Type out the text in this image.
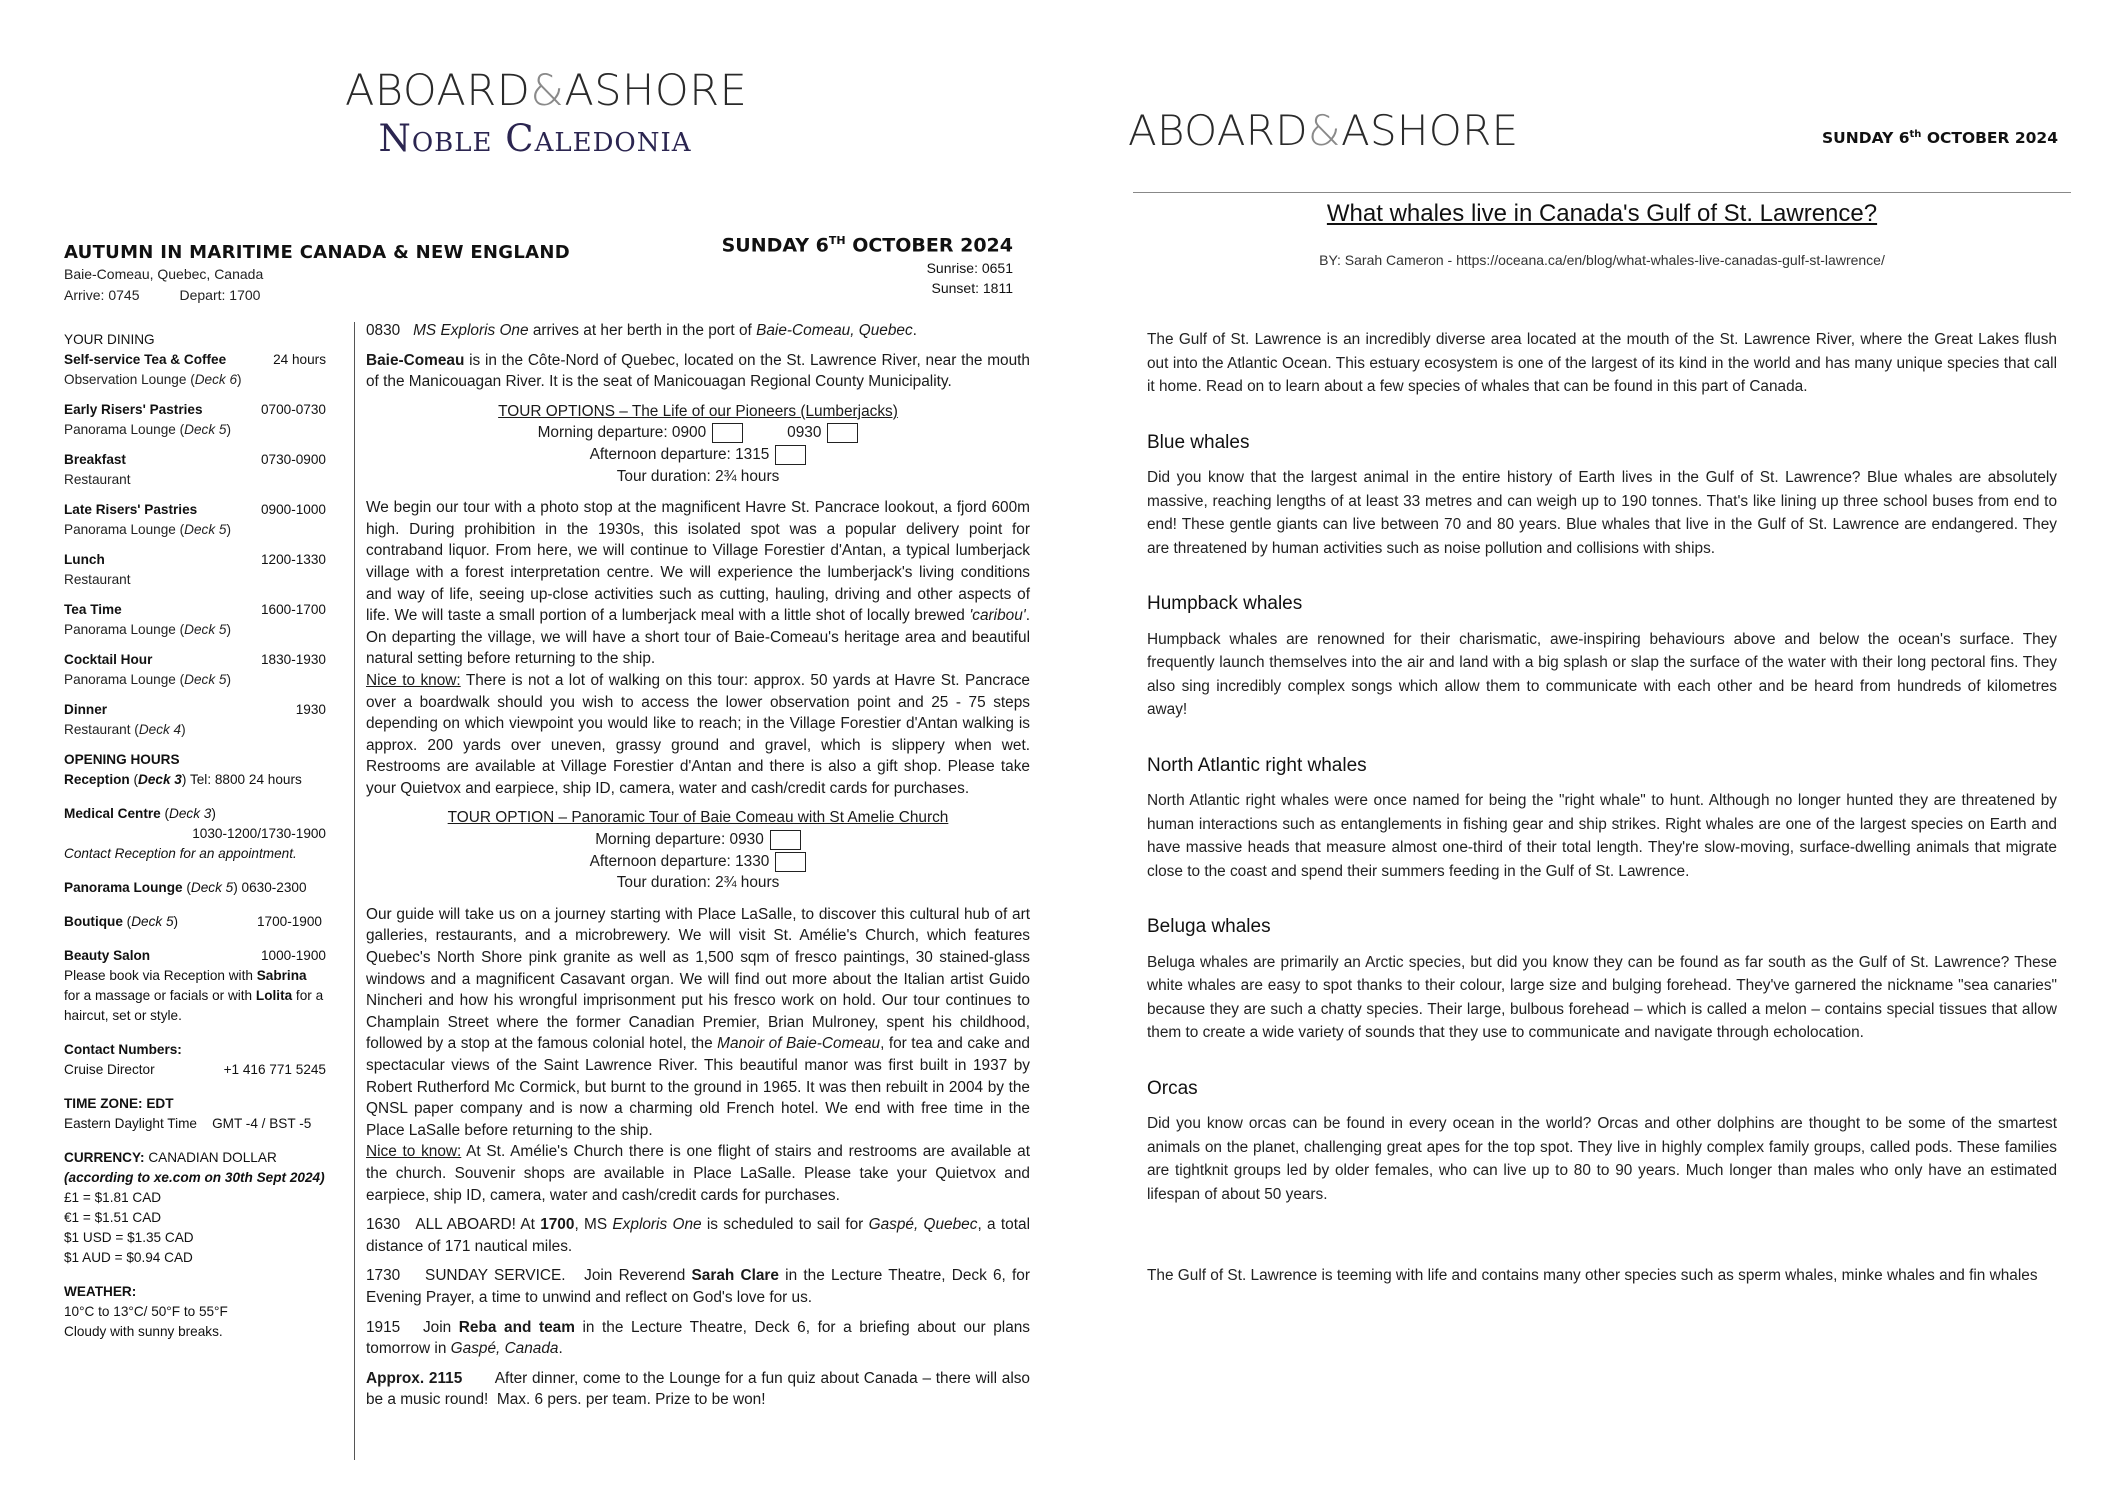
ABOARD&ASHORE
Noble Caledonia
AUTUMN IN MARITIME CANADA & NEW ENGLAND
Baie-Comeau, Quebec, Canada
Arrive: 0745	Depart: 1700
SUNDAY 6TH OCTOBER 2024
Sunrise: 0651
Sunset: 1811
YOUR DINING
Self-service Tea & Coffee	24 hours
Observation Lounge (Deck 6)
Early Risers' Pastries	0700-0730
Panorama Lounge (Deck 5)
Breakfast	0730-0900
Restaurant
Late Risers' Pastries	0900-1000
Panorama Lounge (Deck 5)
Lunch	1200-1330
Restaurant
Tea Time	1600-1700
Panorama Lounge (Deck 5)
Cocktail Hour	1830-1930
Panorama Lounge (Deck 5)
Dinner	1930
Restaurant (Deck 4)
OPENING HOURS
Reception (Deck 3) Tel: 8800 24 hours
Medical Centre (Deck 3)
1030-1200/1730-1900
Contact Reception for an appointment.
Panorama Lounge (Deck 5) 0630-2300
Boutique (Deck 5)	1700-1900
Beauty Salon	1000-1900
Please book via Reception with Sabrina for a massage or facials or with Lolita for a haircut, set or style.
Contact Numbers:
Cruise Director	+1 416 771 5245
TIME ZONE: EDT
Eastern Daylight Time    GMT -4 / BST -5
CURRENCY: CANADIAN DOLLAR
(according to xe.com on 30th Sept 2024)
£1 = $1.81 CAD
€1 = $1.51 CAD
$1 USD = $1.35 CAD
$1 AUD = $0.94 CAD
WEATHER:
10°C to 13°C/ 50°F to 55°F
Cloudy with sunny breaks.

0830 MS Exploris One arrives at her berth in the port of Baie-Comeau, Quebec.

Baie-Comeau is in the Côte-Nord of Quebec, located on the St. Lawrence River, near the mouth of the Manicouagan River. It is the seat of Manicouagan Regional County Municipality.

TOUR OPTIONS – The Life of our Pioneers (Lumberjacks)
Morning departure: 0900	0930
Afternoon departure: 1315
Tour duration: 2¾ hours

We begin our tour with a photo stop at the magnificent Havre St. Pancrace lookout, a fjord 600m high. During prohibition in the 1930s, this isolated spot was a popular delivery point for contraband liquor. From here, we will continue to Village Forestier d'Antan, a typical lumberjack village with a forest interpretation centre. We will experience the lumberjack's living conditions and way of life, seeing up-close activities such as cutting, hauling, driving and other aspects of life. We will taste a small portion of a lumberjack meal with a little shot of locally brewed 'caribou'. On departing the village, we will have a short tour of Baie-Comeau's heritage area and beautiful natural setting before returning to the ship.

Nice to know: There is not a lot of walking on this tour: approx. 50 yards at Havre St. Pancrace over a boardwalk should you wish to access the lower observation point and 25 - 75 steps depending on which viewpoint you would like to reach; in the Village Forestier d'Antan walking is approx. 200 yards over uneven, grassy ground and gravel, which is slippery when wet. Restrooms are available at Village Forestier d'Antan and there is also a gift shop. Please take your Quietvox and earpiece, ship ID, camera, water and cash/credit cards for purchases.

TOUR OPTION – Panoramic Tour of Baie Comeau with St Amelie Church
Morning departure: 0930
Afternoon departure: 1330
Tour duration: 2¾ hours

Our guide will take us on a journey starting with Place LaSalle, to discover this cultural hub of art galleries, restaurants, and a microbrewery. We will visit St. Amélie's Church, which features Quebec's North Shore pink granite as well as 1,500 sqm of fresco paintings, 30 stained-glass windows and a magnificent Casavant organ. We will find out more about the Italian artist Guido Nincheri and how his wrongful imprisonment put his fresco work on hold. Our tour continues to Champlain Street where the former Canadian Premier, Brian Mulroney, spent his childhood, followed by a stop at the famous colonial hotel, the Manoir of Baie-Comeau, for tea and cake and spectacular views of the Saint Lawrence River. This beautiful manor was first built in 1937 by Robert Rutherford Mc Cormick, but burnt to the ground in 1965. It was then rebuilt in 2004 by the QNSL paper company and is now a charming old French hotel. We end with free time in the Place LaSalle before returning to the ship.

Nice to know: At St. Amélie's Church there is one flight of stairs and restrooms are available at the church. Souvenir shops are available in Place LaSalle. Please take your Quietvox and earpiece, ship ID, camera, water and cash/credit cards for purchases.

1630   ALL ABOARD! At 1700, MS Exploris One is scheduled to sail for Gaspé, Quebec, a total distance of 171 nautical miles.

1730    SUNDAY SERVICE.   Join Reverend Sarah Clare in the Lecture Theatre, Deck 6, for Evening Prayer, a time to unwind and reflect on God's love for us.

1915   Join Reba and team in the Lecture Theatre, Deck 6, for a briefing about our plans tomorrow in Gaspé, Canada.

Approx. 2115       After dinner, come to the Lounge for a fun quiz about Canada – there will also be a music round!  Max. 6 pers. per team. Prize to be won!

ABOARD&ASHORE	SUNDAY 6th OCTOBER 2024
What whales live in Canada's Gulf of St. Lawrence?
BY: Sarah Cameron - https://oceana.ca/en/blog/what-whales-live-canadas-gulf-st-lawrence/

The Gulf of St. Lawrence is an incredibly diverse area located at the mouth of the St. Lawrence River, where the Great Lakes flush out into the Atlantic Ocean. This estuary ecosystem is one of the largest of its kind in the world and has many unique species that call it home. Read on to learn about a few species of whales that can be found in this part of Canada.

Blue whales

Did you know that the largest animal in the entire history of Earth lives in the Gulf of St. Lawrence? Blue whales are absolutely massive, reaching lengths of at least 33 metres and can weigh up to 190 tonnes. That's like lining up three school buses from end to end! These gentle giants can live between 70 and 80 years. Blue whales that live in the Gulf of St. Lawrence are endangered. They are threatened by human activities such as noise pollution and collisions with ships.

Humpback whales

Humpback whales are renowned for their charismatic, awe-inspiring behaviours above and below the ocean's surface. They frequently launch themselves into the air and land with a big splash or slap the surface of the water with their long pectoral fins. They also sing incredibly complex songs which allow them to communicate with each other and be heard from hundreds of kilometres away!

North Atlantic right whales

North Atlantic right whales were once named for being the "right whale" to hunt. Although no longer hunted they are threatened by human interactions such as entanglements in fishing gear and ship strikes. Right whales are one of the largest species on Earth and have massive heads that measure almost one-third of their total length. They're slow-moving, surface-dwelling animals that migrate close to the coast and spend their summers feeding in the Gulf of St. Lawrence.

Beluga whales

Beluga whales are primarily an Arctic species, but did you know they can be found as far south as the Gulf of St. Lawrence? These white whales are easy to spot thanks to their colour, large size and bulging forehead. They've garnered the nickname "sea canaries" because they are such a chatty species. Their large, bulbous forehead – which is called a melon – contains special tissues that allow them to create a wide variety of sounds that they use to communicate and navigate through echolocation.

Orcas

Did you know orcas can be found in every ocean in the world? Orcas and other dolphins are thought to be some of the smartest animals on the planet, challenging great apes for the top spot. They live in highly complex family groups, called pods. These families are tightknit groups led by older females, who can live up to 80 to 90 years. Much longer than males who only have an estimated lifespan of about 50 years.

The Gulf of St. Lawrence is teeming with life and contains many other species such as sperm whales, minke whales and fin whales
